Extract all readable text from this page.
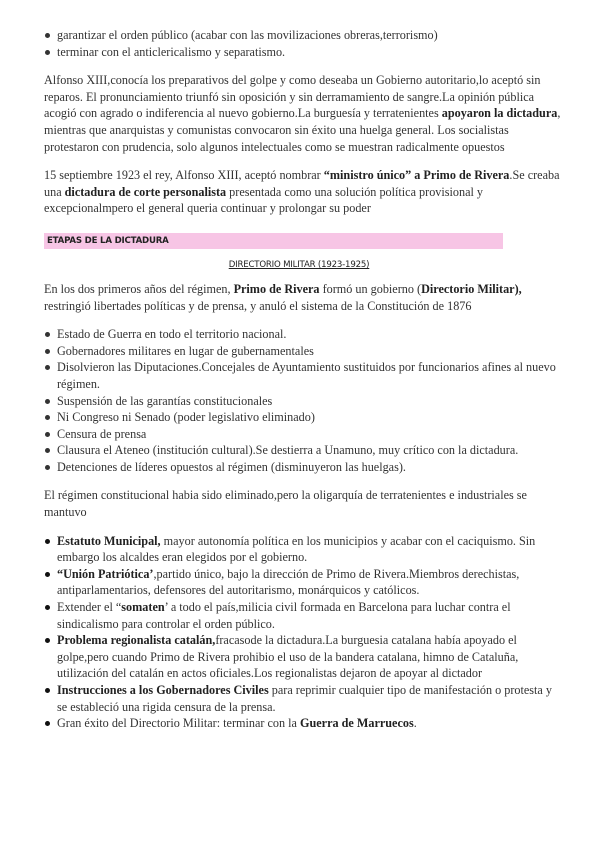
garantizar el orden público (acabar con las movilizaciones obreras,terrorismo)
terminar con el anticlericalismo y separatismo.

Alfonso XIII,conocía los preparativos del golpe y como deseaba un Gobierno autoritario,lo aceptó sin reparos. El pronunciamiento triunfó sin oposición y sin derramamiento de sangre.La opinión pública acogió con agrado o indiferencia al nuevo gobierno.La burguesía y terratenientes apoyaron la dictadura, mientras que anarquistas y comunistas convocaron sin éxito una huelga general. Los socialistas protestaron con prudencia, solo algunos intelectuales como se muestran radicalmente opuestos

15 septiembre 1923 el rey, Alfonso XIII, aceptó nombrar “ministro único” a Primo de Rivera.Se creaba una dictadura de corte personalista presentada como una solución política provisional y excepcionalmpero el general queria continuar y prolongar su poder

ETAPAS DE LA DICTADURA
DIRECTORIO MILITAR (1923-1925)

En los dos primeros años del régimen, Primo de Rivera formó un gobierno (Directorio Militar), restringió libertades políticas y de prensa, y anuló el sistema de la Constitución de 1876

Estado de Guerra en todo el territorio nacional.
Gobernadores militares en lugar de gubernamentales
Disolvieron las Diputaciones.Concejales de Ayuntamiento sustituidos por funcionarios afines al nuevo régimen.
Suspensión de las garantías constitucionales
Ni Congreso ni Senado (poder legislativo eliminado)
Censura de prensa
Clausura el Ateneo (institución cultural).Se destierra a Unamuno, muy crítico con la dictadura.
Detenciones de líderes opuestos al régimen (disminuyeron las huelgas).

El régimen constitucional habia sido eliminado,pero la oligarquía de terratenientes e industriales se mantuvo

Estatuto Municipal, mayor autonomía política en los municipios y acabar con el caciquismo. Sin embargo los alcaldes eran elegidos por el gobierno.
“Unión Patriótica’,partido único, bajo la dirección de Primo de Rivera.Miembros derechistas, antiparlamentarios, defensores del autoritarismo, monárquicos y católicos.
Extender el “somaten’ a todo el país,milicia civil formada en Barcelona para luchar contra el sindicalismo para controlar el orden público.
Problema regionalista catalán,fracasode la dictadura.La burguesia catalana había apoyado el golpe,pero cuando Primo de Rivera prohibio el uso de la bandera catalana, himno de Cataluña, utilización del catalán en actos oficiales.Los regionalistas dejaron de apoyar al dictador
Instrucciones a los Gobernadores Civiles para reprimir cualquier tipo de manifestación o protesta y se estableció una rigida censura de la prensa.
Gran éxito del Directorio Militar: terminar con la Guerra de Marruecos.
